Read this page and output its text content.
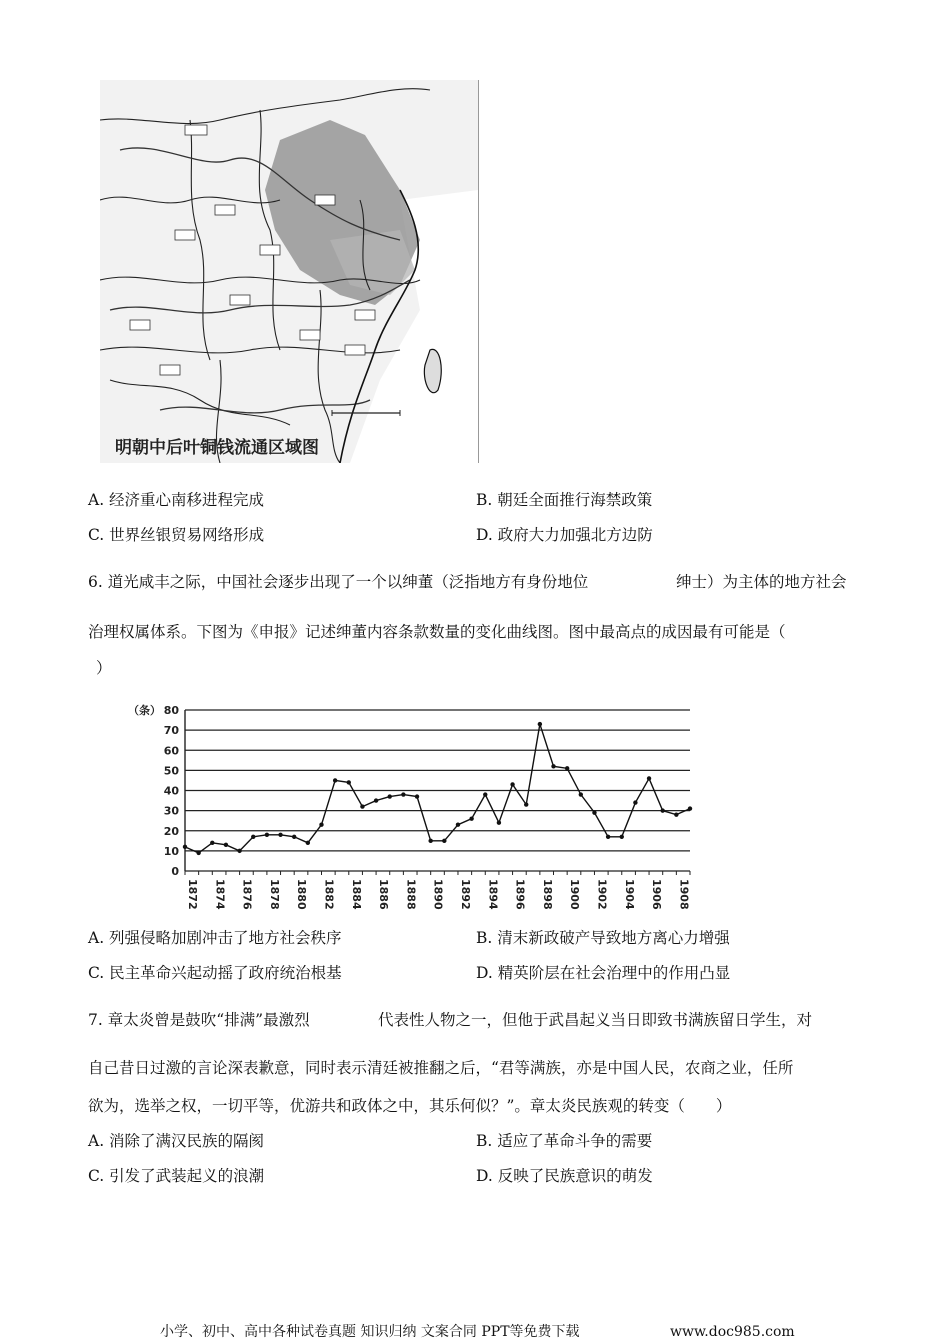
明朝中后叶铜钱流通区域图
A. 经济重心南移进程完成	B. 朝廷全面推行海禁政策
C. 世界丝银贸易网络形成	D. 政府大力加强北方边防
6. 道光咸丰之际，中国社会逐步出现了一个以绅董（泛指地方有身份地位	绅士）为主体的地方社会
治理权属体系。下图为《申报》记述绅董内容条款数量的变化曲线图。图中最高点的成因最有可能是（
）
0
10
20
30
40
50
60
70
80
（条）
1872 1874 1876 1878 1880 1882 1884 1886 1888 1890 1892 1894 1896 1898 1900 1902 1904 1906 1908
A. 列强侵略加剧冲击了地方社会秩序	B. 清末新政破产导致地方离心力增强
C. 民主革命兴起动摇了政府统治根基	D. 精英阶层在社会治理中的作用凸显
7. 章太炎曾是鼓吹“排满”最激烈	代表性人物之一，但他于武昌起义当日即致书满族留日学生，对
自己昔日过激的言论深表歉意，同时表示清廷被推翻之后，“君等满族，亦是中国人民，农商之业，任所
欲为，选举之权，一切平等，优游共和政体之中，其乐何似？”。章太炎民族观的转变（　　）
A. 消除了满汉民族的隔阂	B. 适应了革命斗争的需要
C. 引发了武装起义的浪潮	D. 反映了民族意识的萌发
小学、初中、高中各种试卷真题 知识归纳 文案合同 PPT等免费下载	www.doc985.com
